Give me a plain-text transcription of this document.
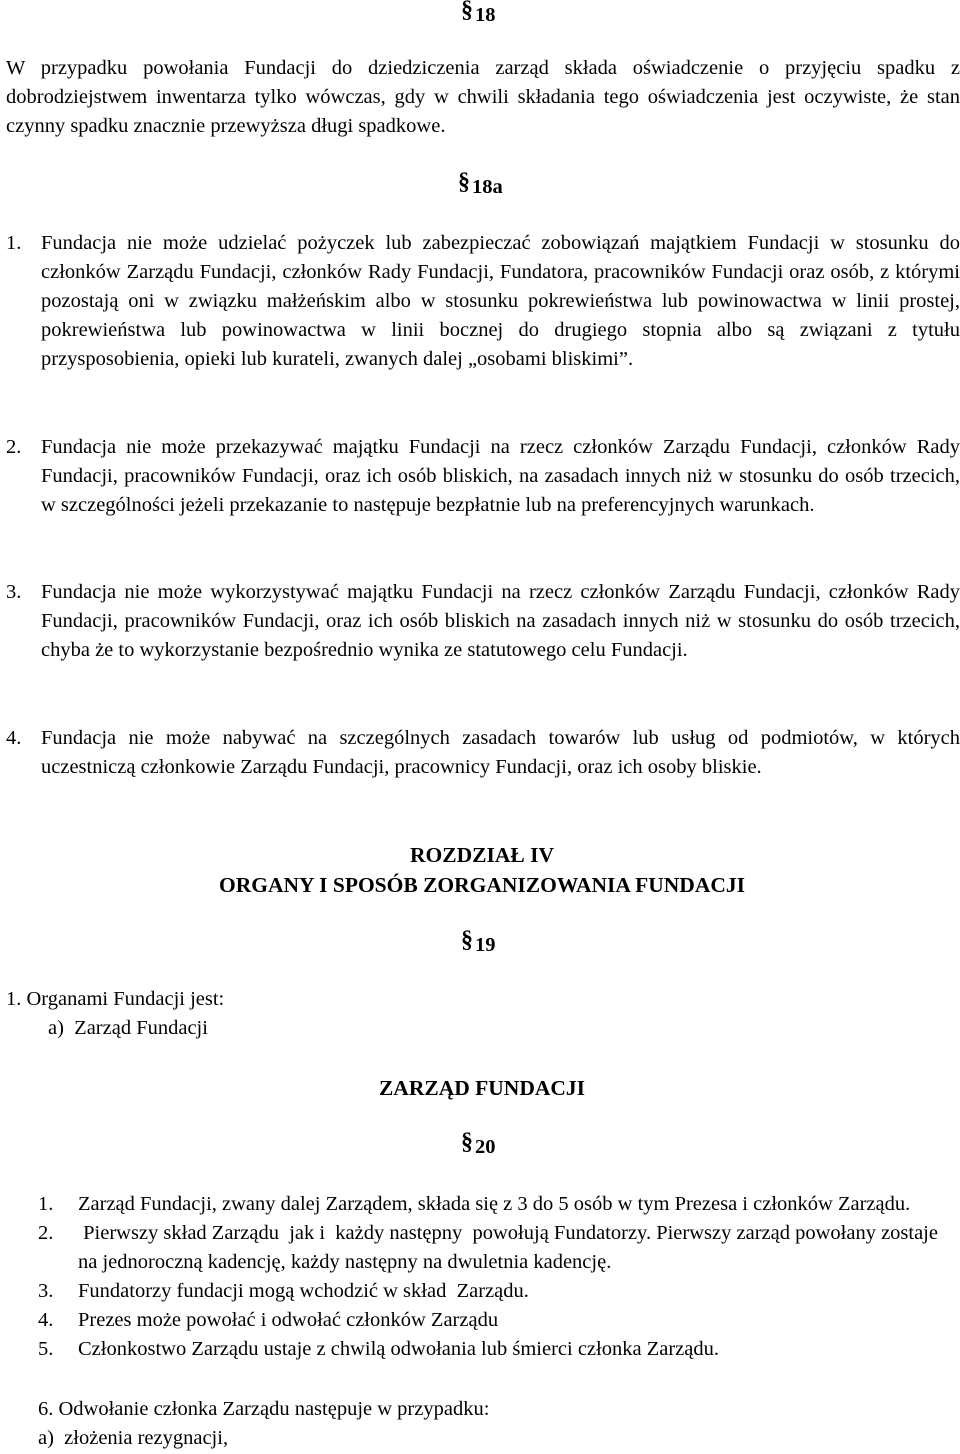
§18
W przypadku powołania Fundacji do dziedziczenia zarząd składa oświadczenie o przyjęciu spadku z dobrodziejstwem inwentarza tylko wówczas, gdy w chwili składania tego oświadczenia jest oczywiste, że stan czynny spadku znacznie przewyższa długi spadkowe.
§18a
1. Fundacja nie może udzielać pożyczek lub zabezpieczać zobowiązań majątkiem Fundacji w stosunku do członków Zarządu Fundacji, członków Rady Fundacji, Fundatora, pracowników Fundacji oraz osób, z którymi pozostają oni w związku małżeńskim albo w stosunku pokrewieństwa lub powinowactwa w linii prostej, pokrewieństwa lub powinowactwa w linii bocznej do drugiego stopnia albo są związani z tytułu przysposobienia, opieki lub kurateli, zwanych dalej „osobami bliskimi”.
2. Fundacja nie może przekazywać majątku Fundacji na rzecz członków Zarządu Fundacji, członków Rady Fundacji, pracowników Fundacji, oraz ich osób bliskich, na zasadach innych niż w stosunku do osób trzecich, w szczególności jeżeli przekazanie to następuje bezpłatnie lub na preferencyjnych warunkach.
3. Fundacja nie może wykorzystywać majątku Fundacji na rzecz członków Zarządu Fundacji, członków Rady Fundacji, pracowników Fundacji, oraz ich osób bliskich na zasadach innych niż w stosunku do osób trzecich, chyba że to wykorzystanie bezpośrednio wynika ze statutowego celu Fundacji.
4. Fundacja nie może nabywać na szczególnych zasadach towarów lub usług od podmiotów, w których uczestniczą członkowie Zarządu Fundacji, pracownicy Fundacji, oraz ich osoby bliskie.
ROZDZIAŁ IV
ORGANY I SPOSÓB ZORGANIZOWANIA FUNDACJI
§19
1. Organami Fundacji jest:
a)  Zarząd Fundacji
ZARZĄD FUNDACJI
§20
1.	Zarząd Fundacji, zwany dalej Zarządem, składa się z 3 do 5 osób w tym Prezesa i członków Zarządu.
2.	Pierwszy skład Zarządu  jak i  każdy następny  powołują Fundatorzy. Pierwszy zarząd powołany zostaje na jednoroczną kadencję, każdy następny na dwuletnia kadencję.
3.	Fundatorzy fundacji mogą wchodzić w skład  Zarządu.
4.	Prezes może powołać i odwołać członków Zarządu
5.	Członkostwo Zarządu ustaje z chwilą odwołania lub śmierci członka Zarządu.
6. Odwołanie członka Zarządu następuje w przypadku:
a)  złożenia rezygnacji,
